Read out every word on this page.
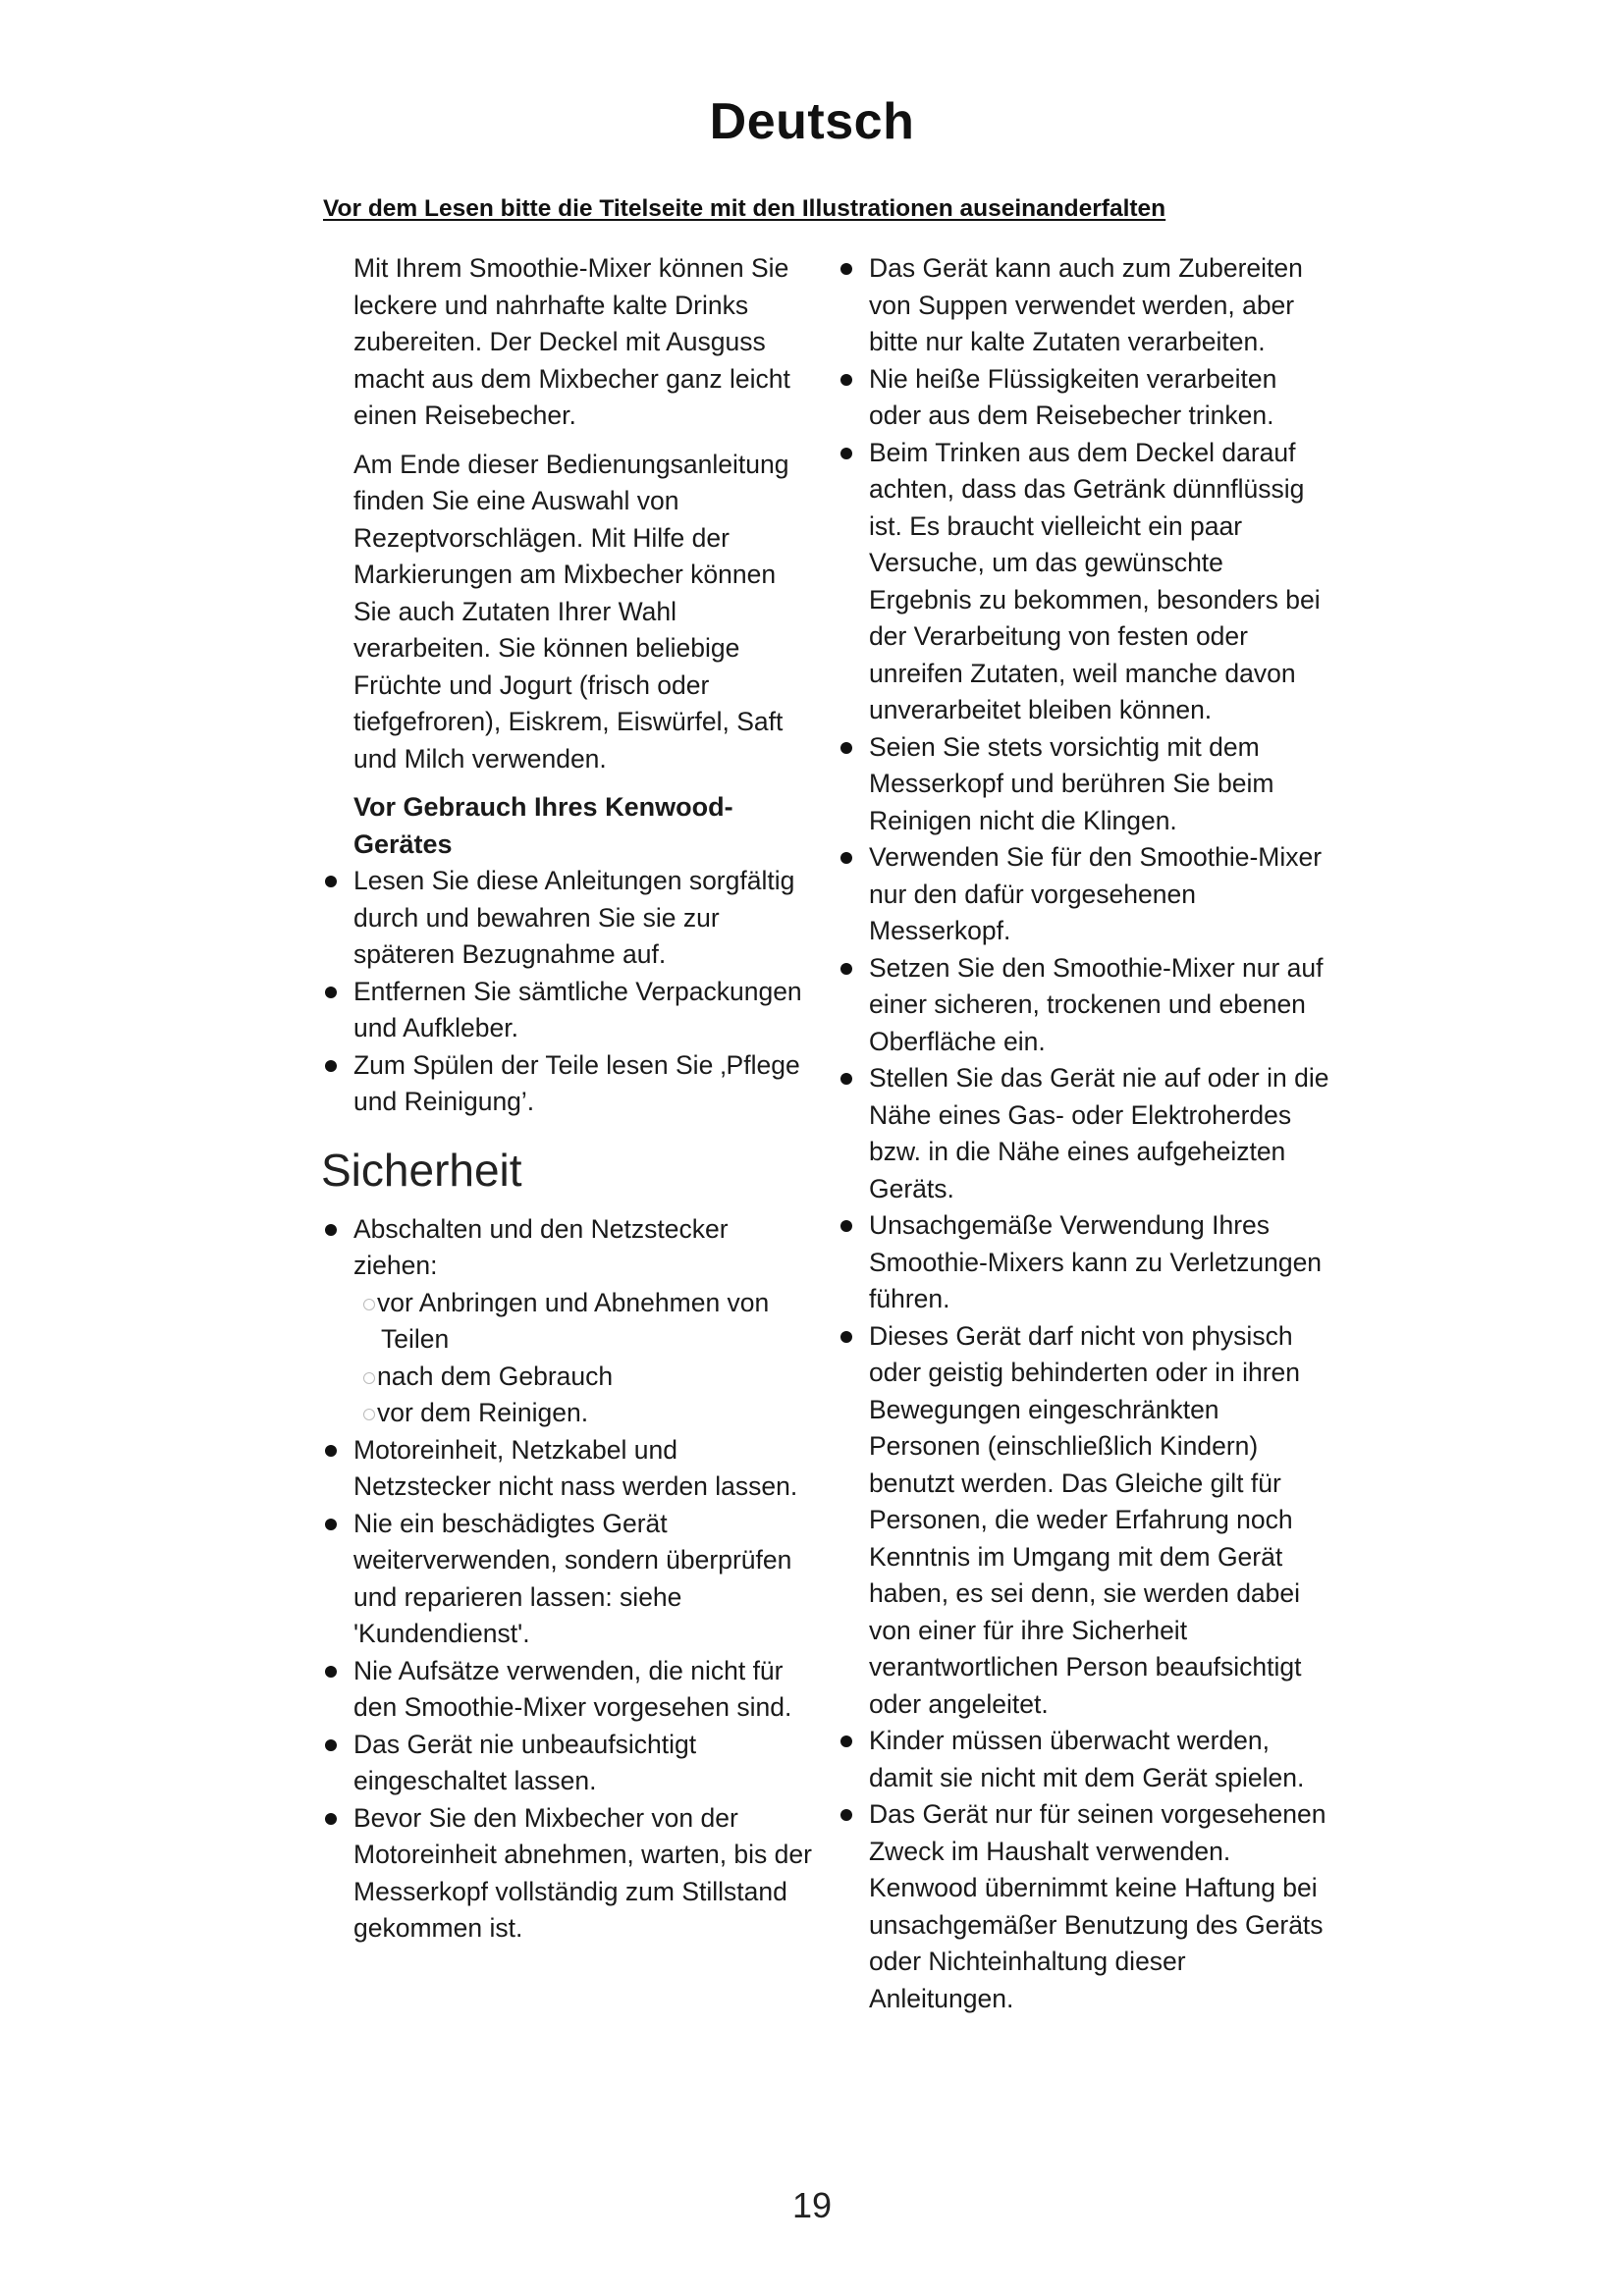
Deutsch
Vor dem Lesen bitte die Titelseite mit den Illustrationen auseinanderfalten

Mit Ihrem Smoothie-Mixer können Sie leckere und nahrhafte kalte Drinks zubereiten. Der Deckel mit Ausguss macht aus dem Mixbecher ganz leicht einen Reisebecher.

Am Ende dieser Bedienungsanleitung finden Sie eine Auswahl von Rezeptvorschlägen. Mit Hilfe der Markierungen am Mixbecher können Sie auch Zutaten Ihrer Wahl verarbeiten. Sie können beliebige Früchte und Jogurt (frisch oder tiefgefroren), Eiskrem, Eiswürfel, Saft und Milch verwenden.

Vor Gebrauch Ihres Kenwood-Gerätes
Lesen Sie diese Anleitungen sorgfältig durch und bewahren Sie sie zur späteren Bezugnahme auf.
Entfernen Sie sämtliche Verpackungen und Aufkleber.
Zum Spülen der Teile lesen Sie ‚Pflege und Reinigung’.
Sicherheit
Abschalten und den Netzstecker ziehen:
vor Anbringen und Abnehmen von
Teilen
nach dem Gebrauch
vor dem Reinigen.
Motoreinheit, Netzkabel und Netzstecker nicht nass werden lassen.
Nie ein beschädigtes Gerät weiterverwenden, sondern überprüfen und reparieren lassen: siehe 'Kundendienst'.
Nie Aufsätze verwenden, die nicht für den Smoothie-Mixer vorgesehen sind.
Das Gerät nie unbeaufsichtigt eingeschaltet lassen.
Bevor Sie den Mixbecher von der Motoreinheit abnehmen, warten, bis der Messerkopf vollständig zum Stillstand gekommen ist.
Das Gerät kann auch zum Zubereiten von Suppen verwendet werden, aber bitte nur kalte Zutaten verarbeiten.
Nie heiße Flüssigkeiten verarbeiten oder aus dem Reisebecher trinken.
Beim Trinken aus dem Deckel darauf achten, dass das Getränk dünnflüssig ist. Es braucht vielleicht ein paar Versuche, um das gewünschte Ergebnis zu bekommen, besonders bei der Verarbeitung von festen oder unreifen Zutaten, weil manche davon unverarbeitet bleiben können.
Seien Sie stets vorsichtig mit dem Messerkopf und berühren Sie beim Reinigen nicht die Klingen.
Verwenden Sie für den Smoothie-Mixer nur den dafür vorgesehenen Messerkopf.
Setzen Sie den Smoothie-Mixer nur auf einer sicheren, trockenen und ebenen Oberfläche ein.
Stellen Sie das Gerät nie auf oder in die Nähe eines Gas- oder Elektroherdes bzw. in die Nähe eines aufgeheizten Geräts.
Unsachgemäße Verwendung Ihres Smoothie-Mixers kann zu Verletzungen führen.
Dieses Gerät darf nicht von physisch oder geistig behinderten oder in ihren Bewegungen eingeschränkten Personen (einschließlich Kindern) benutzt werden. Das Gleiche gilt für Personen, die weder Erfahrung noch Kenntnis im Umgang mit dem Gerät haben, es sei denn, sie werden dabei von einer für ihre Sicherheit verantwortlichen Person beaufsichtigt oder angeleitet.
Kinder müssen überwacht werden, damit sie nicht mit dem Gerät spielen.
Das Gerät nur für seinen vorgesehenen Zweck im Haushalt verwenden. Kenwood übernimmt keine Haftung bei unsachgemäßer Benutzung des Geräts oder Nichteinhaltung dieser Anleitungen.
19
